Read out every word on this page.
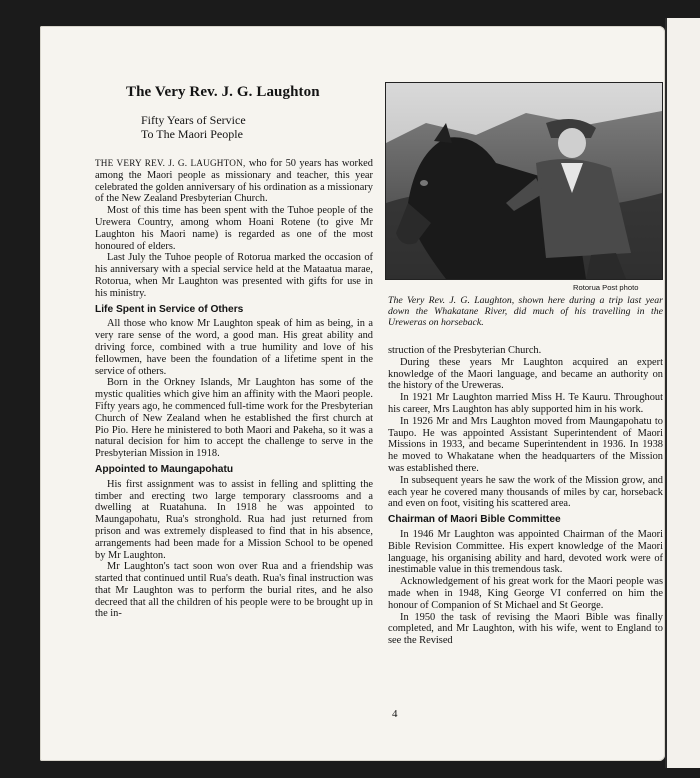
The Very Rev. J. G. Laughton
Fifty Years of Service
To The Maori People

THE VERY REV. J. G. LAUGHTON, who for 50 years has worked among the Maori people as missionary and teacher, this year celebrated the golden anniversary of his ordination as a missionary of the New Zealand Presbyterian Church.

Most of this time has been spent with the Tuhoe people of the Urewera Country, among whom Hoani Rotene (to give Mr Laughton his Maori name) is regarded as one of the most honoured of elders.

Last July the Tuhoe people of Rotorua marked the occasion of his anniversary with a special service held at the Mataatua marae, Rotorua, when Mr Laughton was presented with gifts for use in his ministry.

Life Spent in Service of Others

All those who know Mr Laughton speak of him as being, in a very rare sense of the word, a good man. His great ability and driving force, combined with a true humility and love of his fellowmen, have been the foundation of a lifetime spent in the service of others.

Born in the Orkney Islands, Mr Laughton has some of the mystic qualities which give him an affinity with the Maori people. Fifty years ago, he commenced full-time work for the Presbyterian Church of New Zealand when he established the first church at Pio Pio. Here he ministered to both Maori and Pakeha, so it was a natural decision for him to accept the challenge to serve in the Presbyterian Mission in 1918.

Appointed to Maungapohatu

His first assignment was to assist in felling and splitting the timber and erecting two large temporary classrooms and a dwelling at Ruatahuna. In 1918 he was appointed to Maungapohatu, Rua's stronghold. Rua had just returned from prison and was extremely displeased to find that in his absence, arrangements had been made for a Mission School to be opened by Mr Laughton.

Mr Laughton's tact soon won over Rua and a friendship was started that continued until Rua's death. Rua's final instruction was that Mr Laughton was to perform the burial rites, and he also decreed that all the children of his people were to be brought up in the in-

Rotorua Post photo
The Very Rev. J. G. Laughton, shown here during a trip last year down the Whakatane River, did much of his travelling in the Ureweras on horseback.

struction of the Presbyterian Church.

During these years Mr Laughton acquired an expert knowledge of the Maori language, and became an authority on the history of the Ureweras.

In 1921 Mr Laughton married Miss H. Te Kauru. Throughout his career, Mrs Laughton has ably supported him in his work.

In 1926 Mr and Mrs Laughton moved from Maungapohatu to Taupo. He was appointed Assistant Superintendent of Maori Missions in 1933, and became Superintendent in 1936. In 1938 he moved to Whakatane when the headquarters of the Mission was established there.

In subsequent years he saw the work of the Mission grow, and each year he covered many thousands of miles by car, horseback and even on foot, visiting his scattered area.

Chairman of Maori Bible Committee

In 1946 Mr Laughton was appointed Chairman of the Maori Bible Revision Committee. His expert knowledge of the Maori language, his organising ability and hard, devoted work were of inestimable value in this tremendous task.

Acknowledgement of his great work for the Maori people was made when in 1948, King George VI conferred on him the honour of Companion of St Michael and St George.

In 1950 the task of revising the Maori Bible was finally completed, and Mr Laughton, with his wife, went to England to see the Revised

4
